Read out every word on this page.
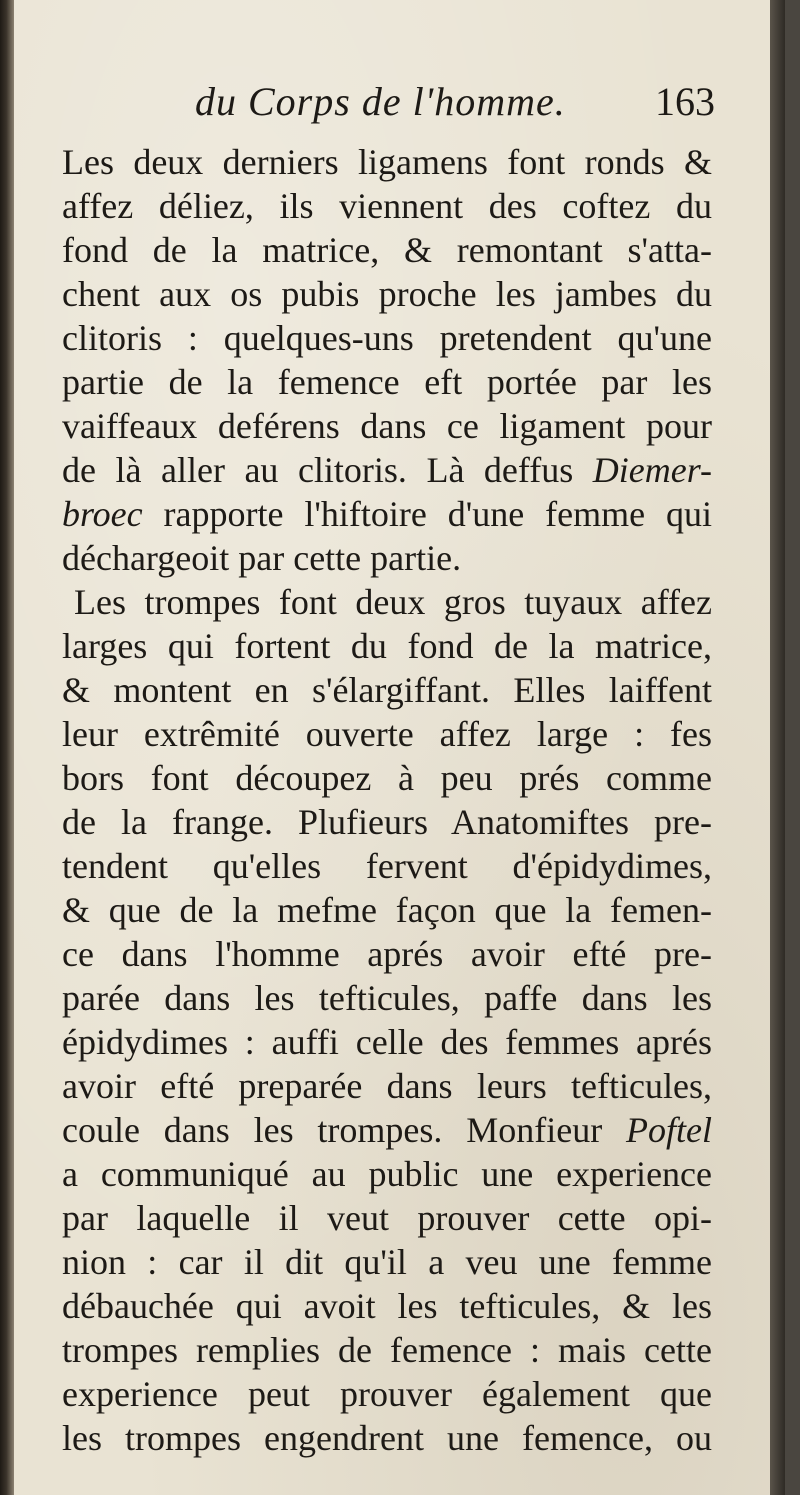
du Corps de l'homme. 163
Les deux derniers ligamens font ronds &
affez déliez, ils viennent des coftez du
fond de la matrice, & remontant s'atta-
chent aux os pubis proche les jambes du
clitoris : quelques-uns pretendent qu'une
partie de la femence eft portée par les
vaiffeaux deférens dans ce ligament pour
de là aller au clitoris. Là deffus Diemer-
broec rapporte l'hiftoire d'une femme qui
déchargeoit par cette partie.
Les trompes font deux gros tuyaux affez
larges qui fortent du fond de la matrice,
& montent en s'élargiffant. Elles laiffent
leur extrêmité ouverte affez large : fes
bors font découpez à peu prés comme
de la frange. Plufieurs Anatomiftes pre-
tendent qu'elles fervent d'épidydimes,
& que de la mefme façon que la femen-
ce dans l'homme aprés avoir efté pre-
parée dans les tefticules, paffe dans les
épidydimes : auffi celle des femmes aprés
avoir efté preparée dans leurs tefticules,
coule dans les trompes. Monfieur Poftel
a communiqué au public une experience
par laquelle il veut prouver cette opi-
nion : car il dit qu'il a veu une femme
débauchée qui avoit les tefticules, & les
trompes remplies de femence : mais cette
experience peut prouver également que
les trompes engendrent une femence, ou
